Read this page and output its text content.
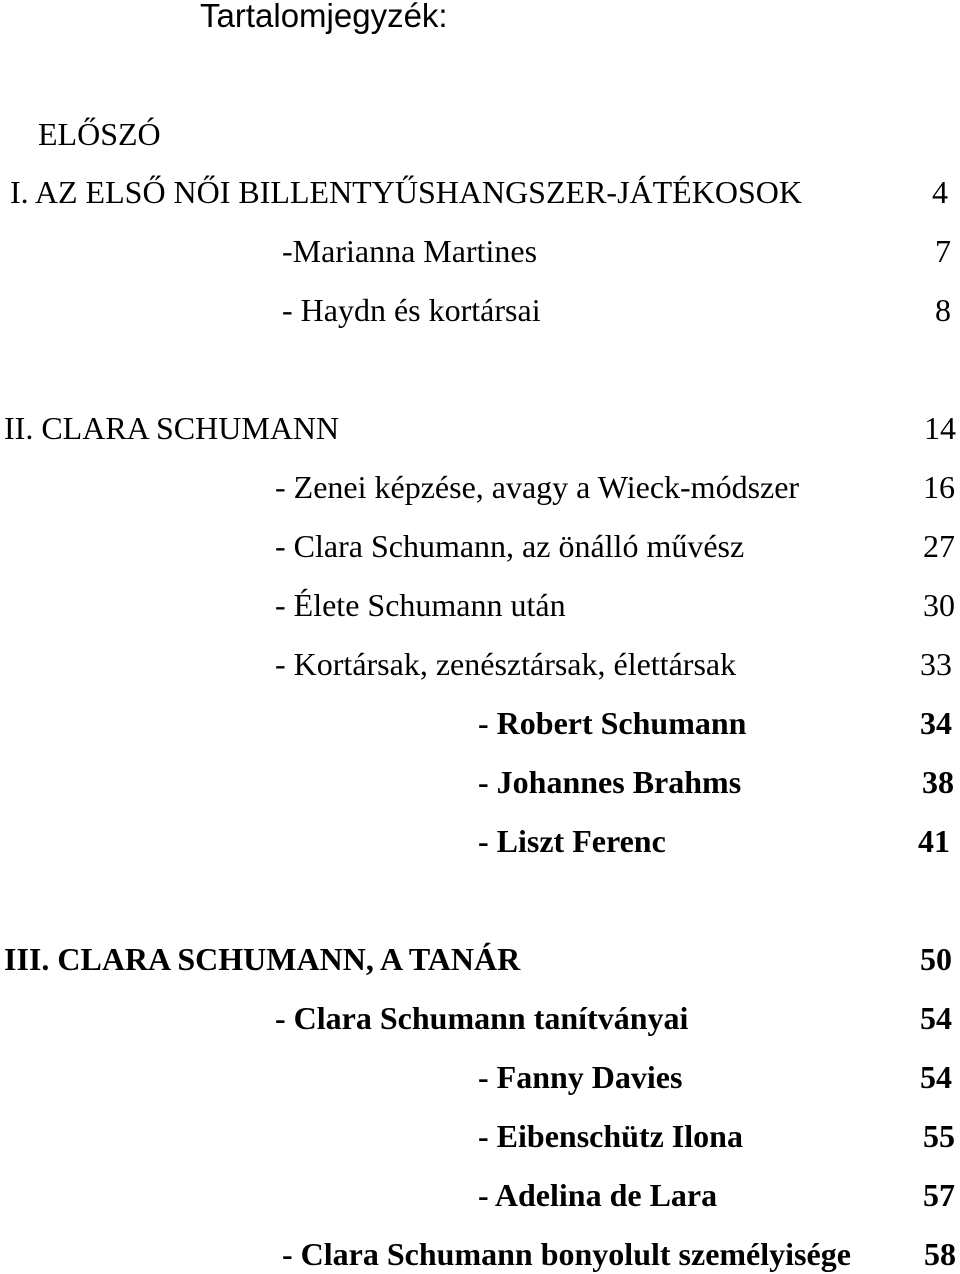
Tartalomjegyzék:
ELŐSZÓ
I. AZ ELSŐ NŐI BILLENTYŰSHANGSZER-JÁTÉKOSOK	4
-Marianna Martines	7
- Haydn és kortársai	8
II. CLARA SCHUMANN	14
- Zenei képzése, avagy a Wieck-módszer	16
- Clara Schumann, az önálló művész	27
- Élete Schumann után	30
- Kortársak, zenésztársak, élettársak	33
- Robert Schumann	34
- Johannes Brahms	38
- Liszt Ferenc	41
III. CLARA SCHUMANN, A TANÁR	50
- Clara Schumann tanítványai	54
- Fanny Davies	54
- Eibenschütz Ilona	55
- Adelina de Lara	57
- Clara Schumann bonyolult személyisége 58
